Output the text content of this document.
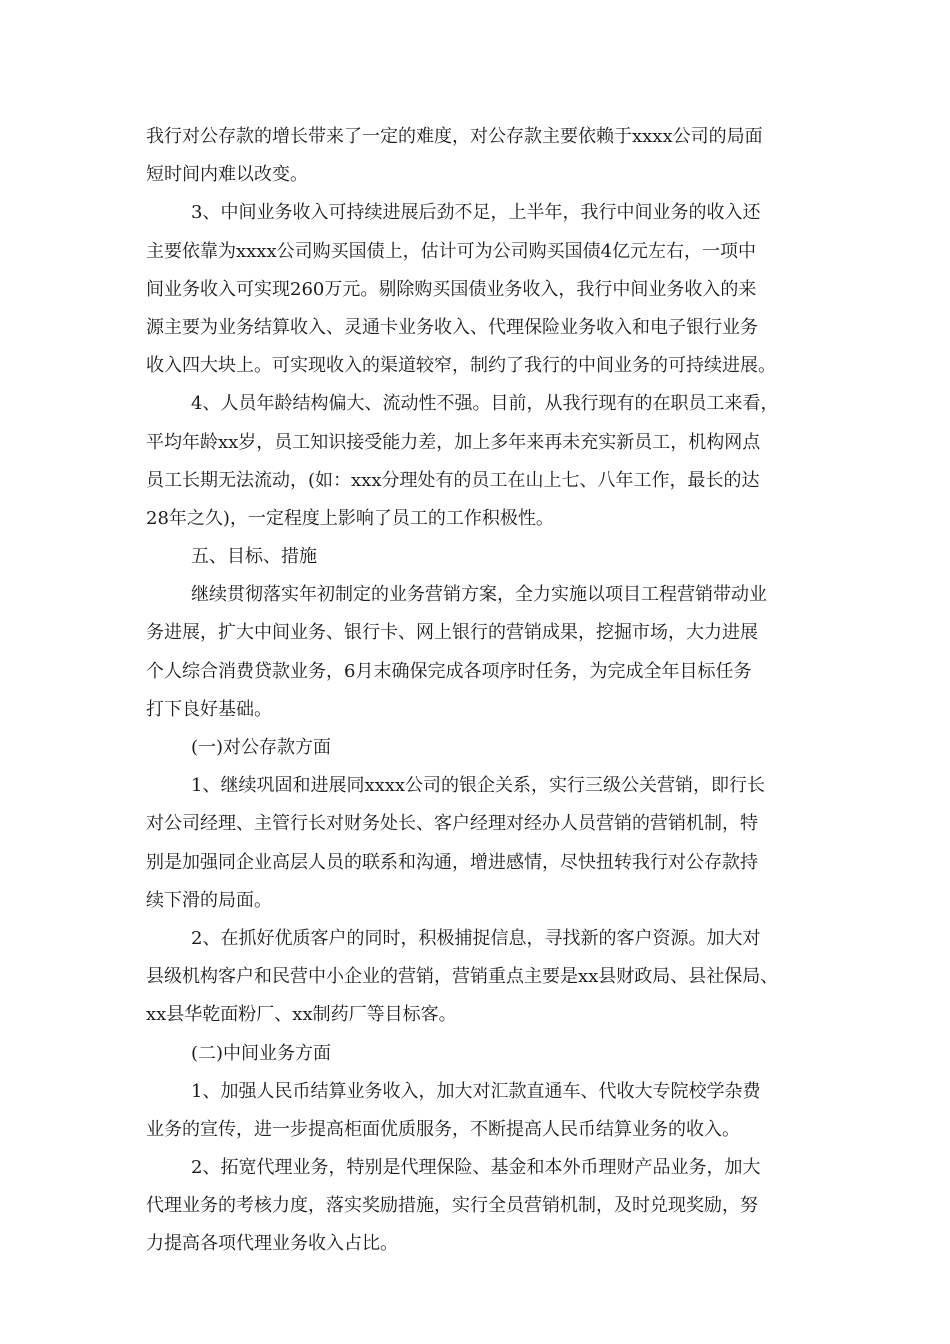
我行对公存款的增长带来了一定的难度，对公存款主要依赖于xxxx公司的局面
短时间内难以改变。
3、中间业务收入可持续进展后劲不足，上半年，我行中间业务的收入还
主要依靠为xxxx公司购买国债上，估计可为公司购买国债4亿元左右，一项中
间业务收入可实现260万元。剔除购买国债业务收入，我行中间业务收入的来
源主要为业务结算收入、灵通卡业务收入、代理保险业务收入和电子银行业务
收入四大块上。可实现收入的渠道较窄，制约了我行的中间业务的可持续进展。
4、人员年龄结构偏大、流动性不强。目前，从我行现有的在职员工来看，
平均年龄xx岁，员工知识接受能力差，加上多年来再未充实新员工，机构网点
员工长期无法流动，(如：xxx分理处有的员工在山上七、八年工作，最长的达
28年之久)，一定程度上影响了员工的工作积极性。
五、目标、措施
继续贯彻落实年初制定的业务营销方案，全力实施以项目工程营销带动业
务进展，扩大中间业务、银行卡、网上银行的营销成果，挖掘市场，大力进展
个人综合消费贷款业务，6月末确保完成各项序时任务，为完成全年目标任务
打下良好基础。
(一)对公存款方面
1、继续巩固和进展同xxxx公司的银企关系，实行三级公关营销，即行长
对公司经理、主管行长对财务处长、客户经理对经办人员营销的营销机制，特
别是加强同企业高层人员的联系和沟通，增进感情，尽快扭转我行对公存款持
续下滑的局面。
2、在抓好优质客户的同时，积极捕捉信息，寻找新的客户资源。加大对
县级机构客户和民营中小企业的营销，营销重点主要是xx县财政局、县社保局、
xx县华乾面粉厂、xx制药厂等目标客。
(二)中间业务方面
1、加强人民币结算业务收入，加大对汇款直通车、代收大专院校学杂费
业务的宣传，进一步提高柜面优质服务，不断提高人民币结算业务的收入。
2、拓宽代理业务，特别是代理保险、基金和本外币理财产品业务，加大
代理业务的考核力度，落实奖励措施，实行全员营销机制，及时兑现奖励，努
力提高各项代理业务收入占比。
